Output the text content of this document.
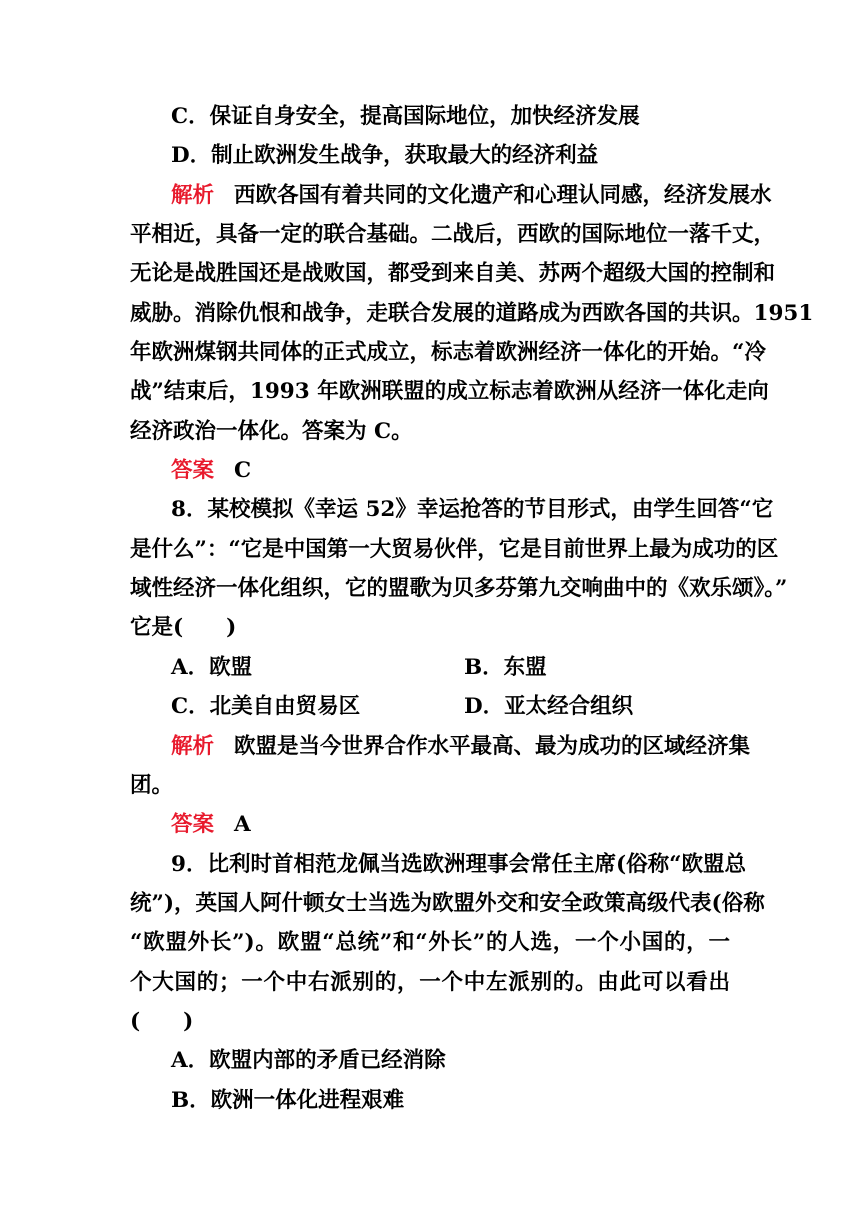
C．保证自身安全，提高国际地位，加快经济发展
D．制止欧洲发生战争，获取最大的经济利益
解析 西欧各国有着共同的文化遗产和心理认同感，经济发展水
平相近，具备一定的联合基础。二战后，西欧的国际地位一落千丈，
无论是战胜国还是战败国，都受到来自美、苏两个超级大国的控制和
威胁。消除仇恨和战争，走联合发展的道路成为西欧各国的共识。1951
年欧洲煤钢共同体的正式成立，标志着欧洲经济一体化的开始。“冷
战”结束后，1993 年欧洲联盟的成立标志着欧洲从经济一体化走向
经济政治一体化。答案为 C。
答案 C
8．某校模拟《幸运 52》幸运抢答的节目形式，由学生回答“它
是什么”：“它是中国第一大贸易伙伴，它是目前世界上最为成功的区
域性经济一体化组织，它的盟歌为贝多芬第九交响曲中的《欢乐颂》。”
它是(　　)
A．欧盟	B．东盟
C．北美自由贸易区	D．亚太经合组织
解析 欧盟是当今世界合作水平最高、最为成功的区域经济集
团。
答案 A
9．比利时首相范龙佩当选欧洲理事会常任主席(俗称“欧盟总
统”)，英国人阿什顿女士当选为欧盟外交和安全政策高级代表(俗称
“欧盟外长”)。欧盟“总统”和“外长”的人选，一个小国的，一
个大国的；一个中右派别的，一个中左派别的。由此可以看出
(　　)
A．欧盟内部的矛盾已经消除
B．欧洲一体化进程艰难
